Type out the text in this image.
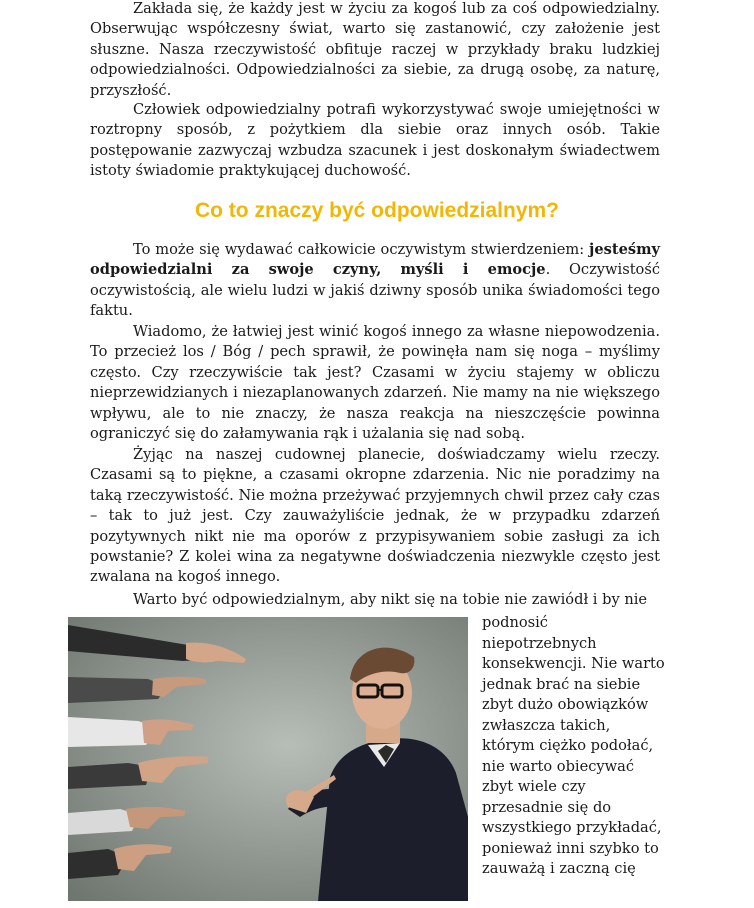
Zakłada się, że każdy jest w życiu za kogoś lub za coś odpowiedzialny. Obserwując współczesny świat, warto się zastanowić, czy założenie jest słuszne. Nasza rzeczywistość obfituje raczej w przykłady braku ludzkiej odpowiedzialności. Odpowiedzialności za siebie, za drugą osobę, za naturę, przyszłość.

Człowiek odpowiedzialny potrafi wykorzystywać swoje umiejętności w roztropny sposób, z pożytkiem dla siebie oraz innych osób. Takie postępowanie zazwyczaj wzbudza szacunek i jest doskonałym świadectwem istoty świadomie praktykującej duchowość.

Co to znaczy być odpowiedzialnym?

To może się wydawać całkowicie oczywistym stwierdzeniem: jesteśmy odpowiedzialni za swoje czyny, myśli i emocje. Oczywistość oczywistością, ale wielu ludzi w jakiś dziwny sposób unika świadomości tego faktu.

Wiadomo, że łatwiej jest winić kogoś innego za własne niepowodzenia. To przecież los / Bóg / pech sprawił, że powinęła nam się noga – myślimy często. Czy rzeczywiście tak jest? Czasami w życiu stajemy w obliczu nieprzewidzianych i niezaplanowanych zdarzeń. Nie mamy na nie większego wpływu, ale to nie znaczy, że nasza reakcja na nieszczęście powinna ograniczyć się do załamywania rąk i użalania się nad sobą.

Żyjąc na naszej cudownej planecie, doświadczamy wielu rzeczy. Czasami są to piękne, a czasami okropne zdarzenia. Nic nie poradzimy na taką rzeczywistość. Nie można przeżywać przyjemnych chwil przez cały czas – tak to już jest. Czy zauważyliście jednak, że w przypadku zdarzeń pozytywnych nikt nie ma oporów z przypisywaniem sobie zasługi za ich powstanie? Z kolei wina za negatywne doświadczenia niezwykle często jest zwalana na kogoś innego.

Warto być odpowiedzialnym, aby nikt się na tobie nie zawiódł i by nie

podnosić
niepotrzebnych
konsekwencji. Nie warto
jednak brać na siebie
zbyt dużo obowiązków
zwłaszcza takich,
którym ciężko podołać,
nie warto obiecywać
zbyt wiele czy
przesadnie się do
wszystkiego przykładać,
ponieważ inni szybko to
zauważą i zaczną cię
